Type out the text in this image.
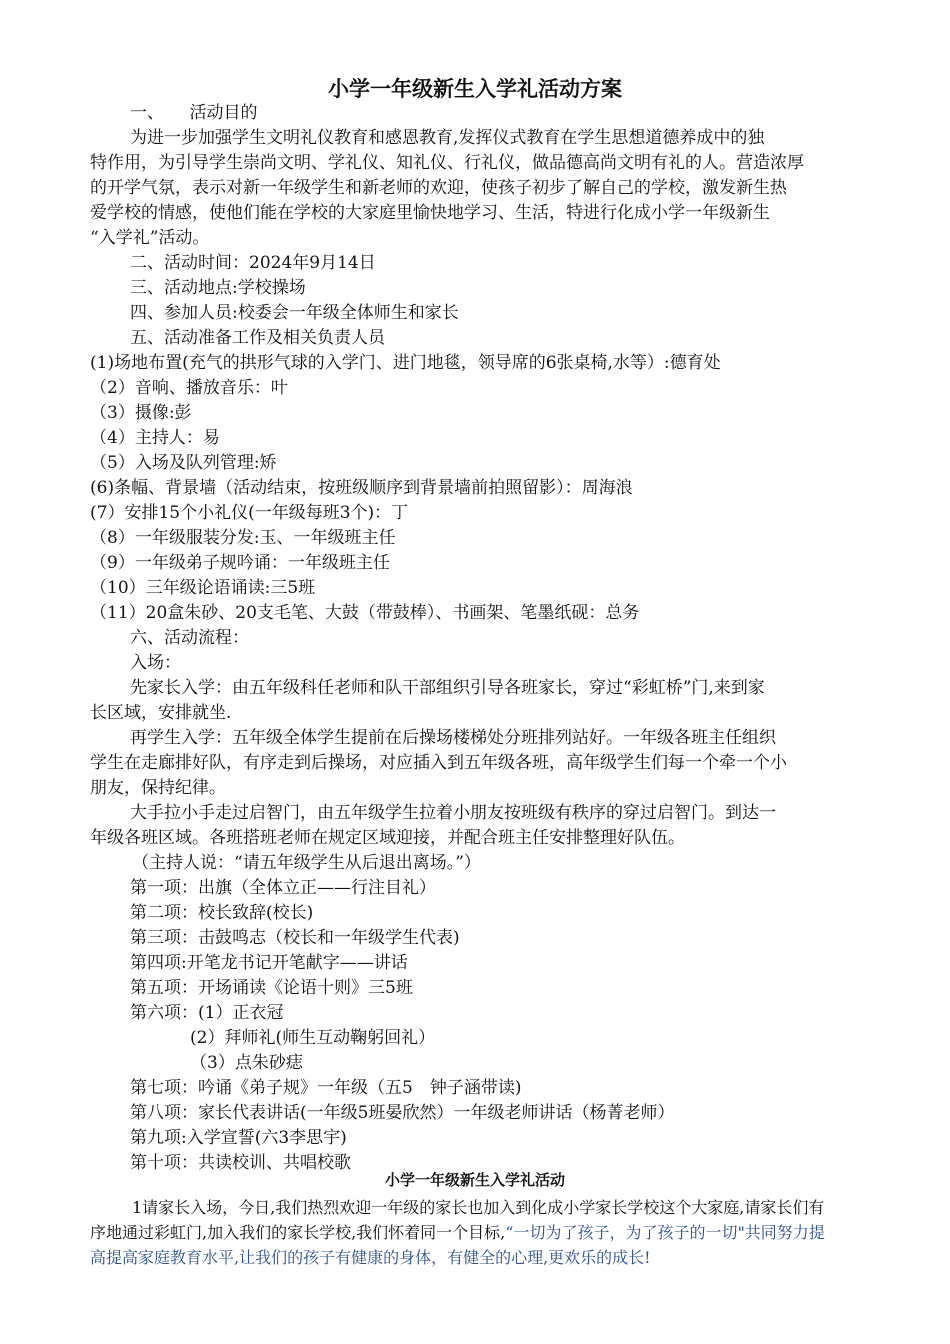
小学一年级新生入学礼活动方案
一、　　活动目的
为进一步加强学生文明礼仪教育和感恩教育,发挥仪式教育在学生思想道德养成中的独
特作用，为引导学生崇尚文明、学礼仪、知礼仪、行礼仪，做品德高尚文明有礼的人。营造浓厚
的开学气氛，表示对新一年级学生和新老师的欢迎，使孩子初步了解自己的学校，激发新生热
爱学校的情感，使他们能在学校的大家庭里愉快地学习、生活，特进行化成小学一年级新生
“入学礼”活动。
二、活动时间：2024年9月14日
三、活动地点:学校操场
四、参加人员:校委会一年级全体师生和家长
五、活动准备工作及相关负责人员
(1)场地布置(充气的拱形气球的入学门、进门地毯，领导席的6张桌椅,水等）:德育处
（2）音响、播放音乐：叶
（3）摄像:彭
（4）主持人：易
（5）入场及队列管理:矫
(6)条幅、背景墙（活动结束，按班级顺序到背景墙前拍照留影）：周海浪
(7）安排15个小礼仪(一年级每班3个)：丁
（8）一年级服装分发:玉、一年级班主任
（9）一年级弟子规吟诵：一年级班主任
（10）三年级论语诵读:三5班
（11）20盒朱砂、20支毛笔、大鼓（带鼓棒）、书画架、笔墨纸砚：总务
六、活动流程：
入场：
先家长入学：由五年级科任老师和队干部组织引导各班家长，穿过“彩虹桥”门,来到家
长区域，安排就坐.
再学生入学：五年级全体学生提前在后操场楼梯处分班排列站好。一年级各班主任组织
学生在走廊排好队，有序走到后操场，对应插入到五年级各班，高年级学生们每一个牵一个小
朋友，保持纪律。
大手拉小手走过启智门，由五年级学生拉着小朋友按班级有秩序的穿过启智门。到达一
年级各班区域。各班搭班老师在规定区域迎接，并配合班主任安排整理好队伍。
（主持人说：“请五年级学生从后退出离场。”）
第一项：出旗（全体立正——行注目礼）
第二项：校长致辞(校长)
第三项：击鼓鸣志（校长和一年级学生代表)
第四项:开笔龙书记开笔献字——讲话
第五项：开场诵读《论语十则》三5班
第六项：(1）正衣冠
(2）拜师礼(师生互动鞠躬回礼）
（3）点朱砂痣
第七项：吟诵《弟子规》一年级（五5　钟子涵带读)
第八项：家长代表讲话(一年级5班晏欣然）一年级老师讲话（杨菁老师）
第九项:入学宣誓(六3李思宇)
第十项：共读校训、共唱校歌
小学一年级新生入学礼活动
1请家长入场，今日,我们热烈欢迎一年级的家长也加入到化成小学家长学校这个大家庭,请家长们有
序地通过彩虹门,加入我们的家长学校,我们怀着同一个目标,“一切为了孩子，为了孩子的一切"共同努力提
高提高家庭教育水平,让我们的孩子有健康的身体，有健全的心理,更欢乐的成长!
